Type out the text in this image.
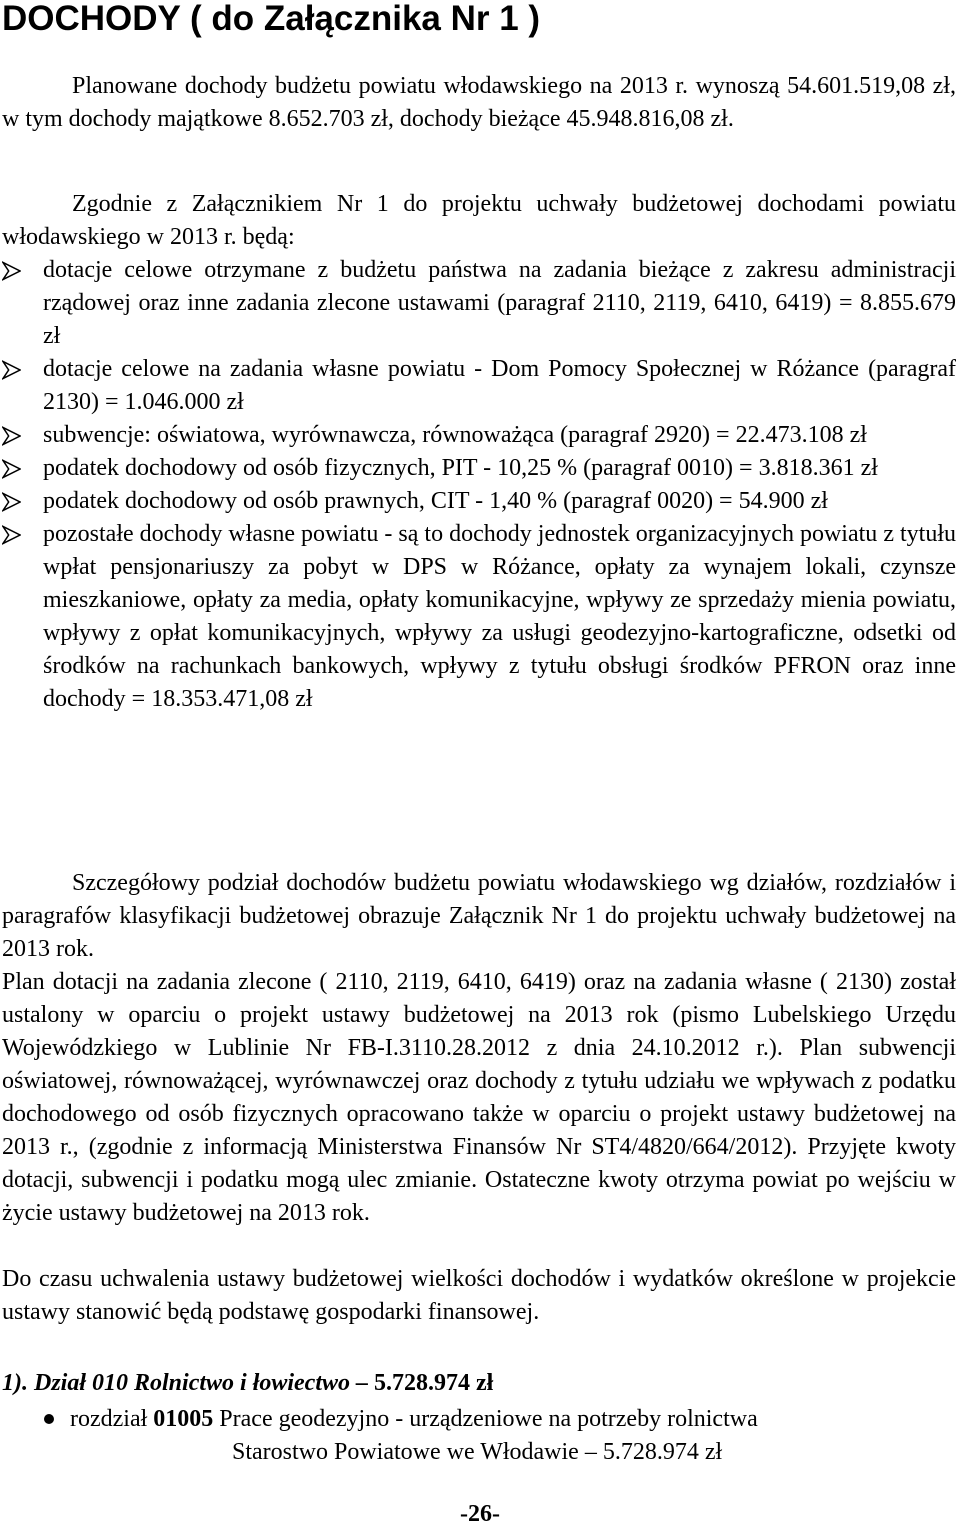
DOCHODY ( do Załącznika Nr 1 )

Planowane dochody budżetu powiatu włodawskiego na 2013 r. wynoszą 54.601.519,08 zł, w tym dochody majątkowe 8.652.703 zł, dochody bieżące 45.948.816,08 zł.

Zgodnie z Załącznikiem Nr 1 do projektu uchwały budżetowej dochodami powiatu włodawskiego w 2013 r. będą:

dotacje celowe otrzymane z budżetu państwa na zadania bieżące z zakresu administracji rządowej oraz inne zadania zlecone ustawami (paragraf 2110, 2119, 6410, 6419) = 8.855.679 zł
dotacje celowe na zadania własne powiatu - Dom Pomocy Społecznej w Różance (paragraf 2130) = 1.046.000 zł
subwencje: oświatowa, wyrównawcza, równoważąca (paragraf 2920) = 22.473.108 zł
podatek dochodowy od osób fizycznych, PIT - 10,25 % (paragraf 0010) = 3.818.361 zł
podatek dochodowy od osób prawnych, CIT - 1,40 % (paragraf 0020) = 54.900 zł
pozostałe dochody własne powiatu - są to dochody jednostek organizacyjnych powiatu z tytułu wpłat pensjonariuszy za pobyt w DPS w Różance, opłaty za wynajem lokali, czynsze mieszkaniowe, opłaty za media, opłaty komunikacyjne, wpływy ze sprzedaży mienia powiatu, wpływy z opłat komunikacyjnych, wpływy za usługi geodezyjno-kartograficzne, odsetki od środków na rachunkach bankowych, wpływy z tytułu obsługi środków PFRON oraz inne dochody = 18.353.471,08 zł

Szczegółowy podział dochodów budżetu powiatu włodawskiego wg działów, rozdziałów i paragrafów klasyfikacji budżetowej obrazuje Załącznik Nr 1 do projektu uchwały budżetowej na 2013 rok.

Plan dotacji na zadania zlecone ( 2110, 2119, 6410, 6419) oraz na zadania własne ( 2130) został ustalony w oparciu o projekt ustawy budżetowej na 2013 rok (pismo Lubelskiego Urzędu Wojewódzkiego w Lublinie Nr FB-I.3110.28.2012 z dnia 24.10.2012 r.). Plan subwencji oświatowej, równoważącej, wyrównawczej oraz dochody z tytułu udziału we wpływach z podatku dochodowego od osób fizycznych opracowano także w oparciu o projekt ustawy budżetowej na 2013 r., (zgodnie z informacją Ministerstwa Finansów Nr ST4/4820/664/2012). Przyjęte kwoty dotacji, subwencji i podatku mogą ulec zmianie. Ostateczne kwoty otrzyma powiat po wejściu w życie ustawy budżetowej na 2013 rok.

Do czasu uchwalenia ustawy budżetowej wielkości dochodów i wydatków określone w projekcie ustawy stanowić będą podstawę gospodarki finansowej.

1). Dział 010 Rolnictwo i łowiectwo – 5.728.974 zł
rozdział 01005 Prace geodezyjno - urządzeniowe na potrzeby rolnictwa
Starostwo Powiatowe we Włodawie – 5.728.974 zł
-26-
